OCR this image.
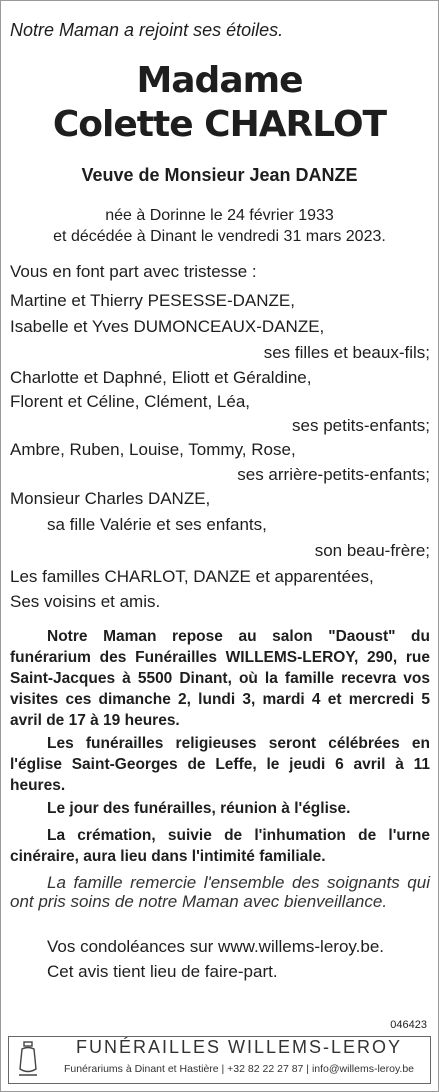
Notre Maman a rejoint ses étoiles.
Madame
Colette CHARLOT
Veuve de Monsieur Jean DANZE
née à Dorinne le 24 février 1933
et décédée à Dinant le vendredi 31 mars 2023.
Vous en font part avec tristesse :
Martine et Thierry PESESSE-DANZE,
Isabelle et Yves DUMONCEAUX-DANZE,
ses filles et beaux-fils;
Charlotte et Daphné, Eliott et Géraldine,
Florent et Céline, Clément, Léa,
ses petits-enfants;
Ambre, Ruben, Louise, Tommy, Rose,
ses arrière-petits-enfants;
Monsieur Charles DANZE,
sa fille Valérie et ses enfants,
son beau-frère;
Les familles CHARLOT, DANZE et apparentées,
Ses voisins et amis.
Notre Maman repose au salon "Daoust" du funérarium des Funérailles WILLEMS-LEROY, 290, rue Saint-Jacques à 5500 Dinant, où la famille recevra vos visites ces dimanche 2, lundi 3, mardi 4 et mercredi 5 avril de 17 à 19 heures.
Les funérailles religieuses seront célébrées en l'église Saint-Georges de Leffe, le jeudi 6 avril à 11 heures.
Le jour des funérailles, réunion à l'église.
La crémation, suivie de l'inhumation de l'urne cinéraire, aura lieu dans l'intimité familiale.
La famille remercie l'ensemble des soignants qui ont pris soins de notre Maman avec bienveillance.
Vos condoléances sur www.willems-leroy.be.
Cet avis tient lieu de faire-part.
046423
FUNÉRAILLES WILLEMS-LEROY
Funérariums à Dinant et Hastière | +32 82 22 27 87 | info@willems-leroy.be
